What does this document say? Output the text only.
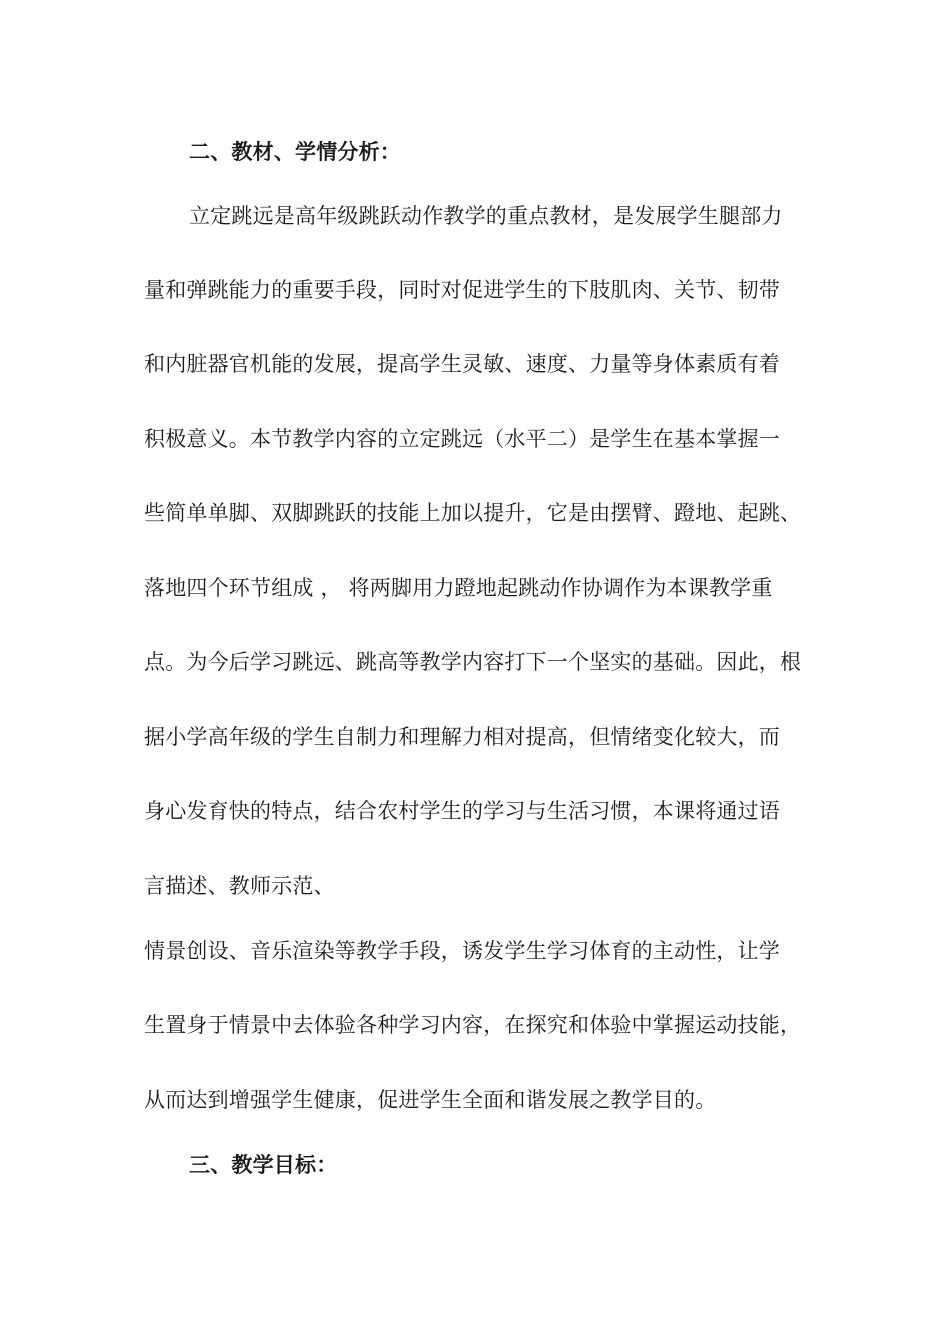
二、教材、学情分析：
立定跳远是高年级跳跃动作教学的重点教材，是发展学生腿部力
量和弹跳能力的重要手段，同时对促进学生的下肢肌肉、关节、韧带
和内脏器官机能的发展，提高学生灵敏、速度、力量等身体素质有着
积极意义。本节教学内容的立定跳远（水平二）是学生在基本掌握一
些简单单脚、双脚跳跃的技能上加以提升，它是由摆臂、蹬地、起跳、
落地四个环节组成 ， 将两脚用力蹬地起跳动作协调作为本课教学重
点。为今后学习跳远、跳高等教学内容打下一个坚实的基础。因此，根
据小学高年级的学生自制力和理解力相对提高，但情绪变化较大，而
身心发育快的特点，结合农村学生的学习与生活习惯，本课将通过语
言描述、教师示范、
情景创设、音乐渲染等教学手段，诱发学生学习体育的主动性，让学
生置身于情景中去体验各种学习内容，在探究和体验中掌握运动技能，
从而达到增强学生健康，促进学生全面和谐发展之教学目的。
三、教学目标：
